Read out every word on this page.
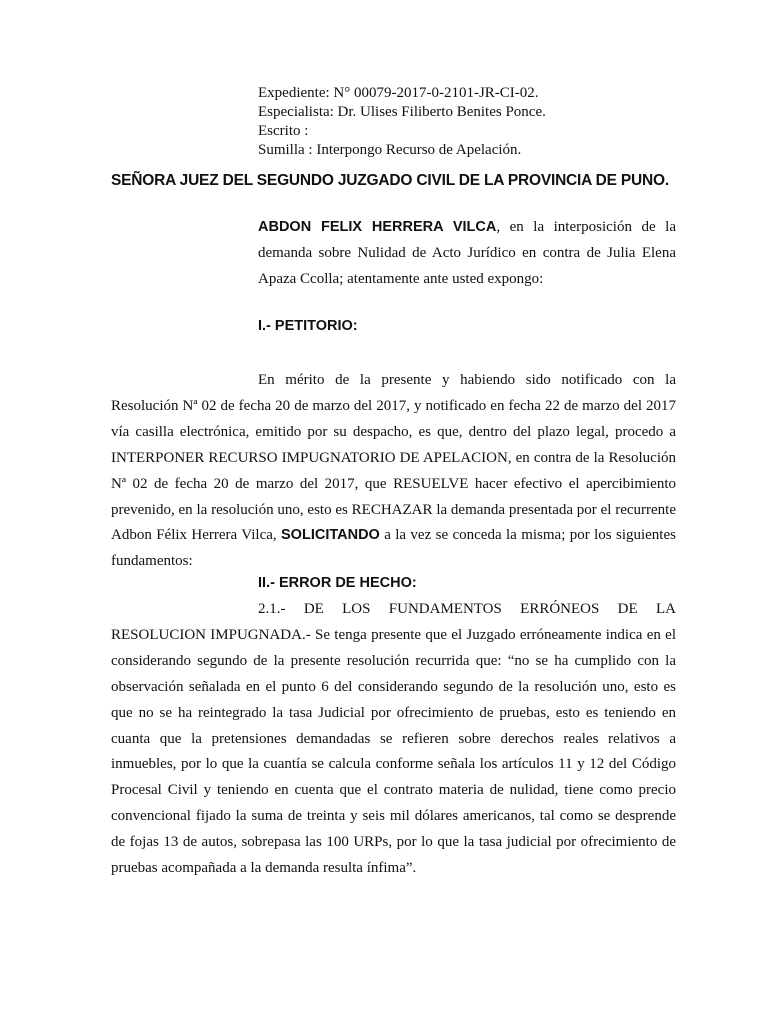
Expediente: N° 00079-2017-0-2101-JR-CI-02.
Especialista: Dr. Ulises Filiberto Benites Ponce.
Escrito :
Sumilla : Interpongo Recurso de Apelación.
SEÑORA JUEZ DEL SEGUNDO JUZGADO CIVIL DE LA PROVINCIA DE PUNO.
ABDON FELIX HERRERA VILCA, en la interposición de la demanda sobre Nulidad de Acto Jurídico en contra de Julia Elena Apaza Ccolla; atentamente ante usted expongo:
I.- PETITORIO:
En mérito de la presente y habiendo sido notificado con la Resolución Nª 02 de fecha 20 de marzo del 2017, y notificado en fecha 22 de marzo del 2017 vía casilla electrónica, emitido por su despacho, es que, dentro del plazo legal, procedo a INTERPONER RECURSO IMPUGNATORIO DE APELACION, en contra de la Resolución Nª 02 de fecha 20 de marzo del 2017, que RESUELVE hacer efectivo el apercibimiento prevenido, en la resolución uno, esto es RECHAZAR la demanda presentada por el recurrente Adbon Félix Herrera Vilca, SOLICITANDO a la vez se conceda la misma; por los siguientes fundamentos:
II.- ERROR DE HECHO:
2.1.- DE LOS FUNDAMENTOS ERRÓNEOS DE LA RESOLUCION IMPUGNADA.- Se tenga presente que el Juzgado erróneamente indica en el considerando segundo de la presente resolución recurrida que: “no se ha cumplido con la observación señalada en el punto 6 del considerando segundo de la resolución uno, esto es que no se ha reintegrado la tasa Judicial por ofrecimiento de pruebas, esto es teniendo en cuanta que la pretensiones demandadas se refieren sobre derechos reales relativos a inmuebles, por lo que la cuantía se calcula conforme señala los artículos 11 y 12 del Código Procesal Civil y teniendo en cuenta que el contrato materia de nulidad, tiene como precio convencional fijado la suma de treinta y seis mil dólares americanos, tal como se desprende de fojas 13 de autos, sobrepasa las 100 URPs, por lo que la tasa judicial por ofrecimiento de pruebas acompañada a la demanda resulta ínfima”.
